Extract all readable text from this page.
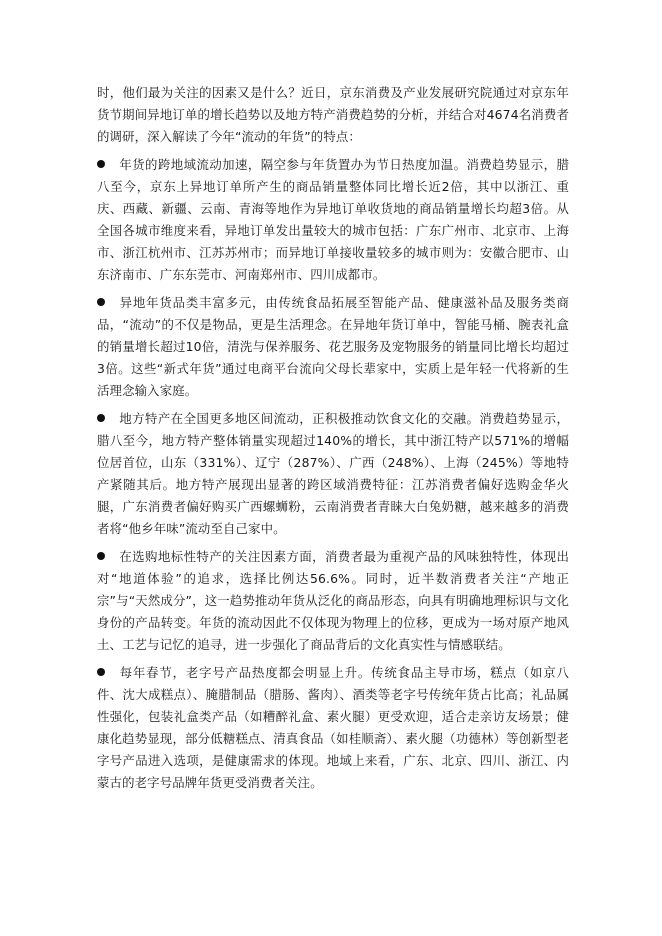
时，他们最为关注的因素又是什么？近日，京东消费及产业发展研究院通过对京东年货节期间异地订单的增长趋势以及地方特产消费趋势的分析，并结合对4674名消费者的调研，深入解读了今年“流动的年货”的特点：

年货的跨地域流动加速，隔空参与年货置办为节日热度加温。消费趋势显示，腊八至今，京东上异地订单所产生的商品销量整体同比增长近2倍，其中以浙江、重庆、西藏、新疆、云南、青海等地作为异地订单收货地的商品销量增长均超3倍。从全国各城市维度来看，异地订单发出量较大的城市包括：广东广州市、北京市、上海市、浙江杭州市、江苏苏州市；而异地订单接收量较多的城市则为：安徽合肥市、山东济南市、广东东莞市、河南郑州市、四川成都市。

异地年货品类丰富多元，由传统食品拓展至智能产品、健康滋补品及服务类商品，“流动”的不仅是物品，更是生活理念。在异地年货订单中，智能马桶、腕表礼盒的销量增长超过10倍，清洗与保养服务、花艺服务及宠物服务的销量同比增长均超过3倍。这些“新式年货”通过电商平台流向父母长辈家中，实质上是年轻一代将新的生活理念输入家庭。

地方特产在全国更多地区间流动，正积极推动饮食文化的交融。消费趋势显示，腊八至今，地方特产整体销量实现超过140%的增长，其中浙江特产以571%的增幅位居首位，山东（331%）、辽宁（287%）、广西（248%）、上海（245%）等地特产紧随其后。地方特产展现出显著的跨区域消费特征：江苏消费者偏好选购金华火腿，广东消费者偏好购买广西螺蛳粉，云南消费者青睐大白兔奶糖，越来越多的消费者将“他乡年味”流动至自己家中。

在选购地标性特产的关注因素方面，消费者最为重视产品的风味独特性，体现出对“地道体验”的追求，选择比例达56.6%。同时，近半数消费者关注“产地正宗”与“天然成分”，这一趋势推动年货从泛化的商品形态，向具有明确地理标识与文化身份的产品转变。年货的流动因此不仅体现为物理上的位移，更成为一场对原产地风土、工艺与记忆的追寻，进一步强化了商品背后的文化真实性与情感联结。

每年春节，老字号产品热度都会明显上升。传统食品主导市场，糕点（如京八件、沈大成糕点）、腌腊制品（腊肠、酱肉）、酒类等老字号传统年货占比高；礼品属性强化，包装礼盒类产品（如糟醉礼盒、素火腿）更受欢迎，适合走亲访友场景；健康化趋势显现，部分低糖糕点、清真食品（如桂顺斋）、素火腿（功德林）等创新型老字号产品进入选项，是健康需求的体现。地域上来看，广东、北京、四川、浙江、内蒙古的老字号品牌年货更受消费者关注。
